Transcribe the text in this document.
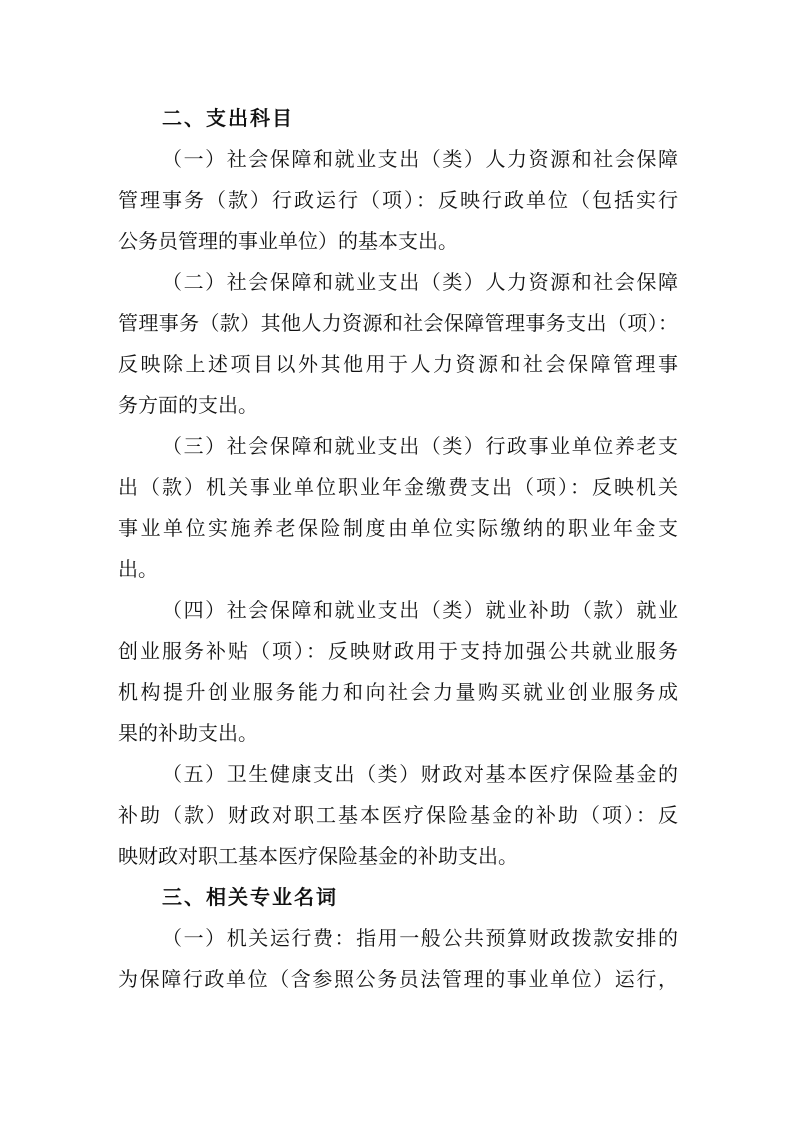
二、支出科目

（一）社会保障和就业支出（类）人力资源和社会保障
管理事务（款）行政运行（项）：反映行政单位（包括实行
公务员管理的事业单位）的基本支出。

（二）社会保障和就业支出（类）人力资源和社会保障
管理事务（款）其他人力资源和社会保障管理事务支出（项）：
反映除上述项目以外其他用于人力资源和社会保障管理事
务方面的支出。

（三）社会保障和就业支出（类）行政事业单位养老支
出（款）机关事业单位职业年金缴费支出（项）：反映机关
事业单位实施养老保险制度由单位实际缴纳的职业年金支
出。

（四）社会保障和就业支出（类）就业补助（款）就业
创业服务补贴（项）：反映财政用于支持加强公共就业服务
机构提升创业服务能力和向社会力量购买就业创业服务成
果的补助支出。

（五）卫生健康支出（类）财政对基本医疗保险基金的
补助（款）财政对职工基本医疗保险基金的补助（项）：反
映财政对职工基本医疗保险基金的补助支出。

三、相关专业名词

（一）机关运行费：指用一般公共预算财政拨款安排的
为保障行政单位（含参照公务员法管理的事业单位）运行，
